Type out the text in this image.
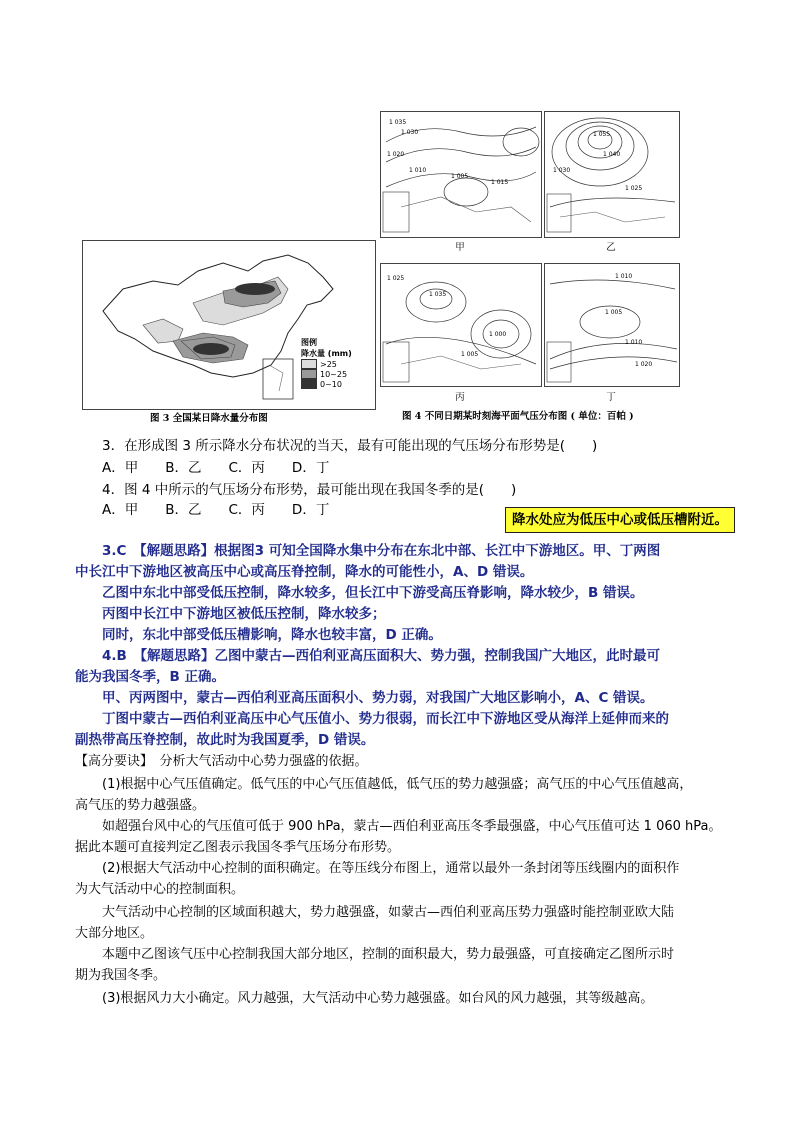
图例
降水量 (mm)
>25
10~25
0~10
图 3 全国某日降水量分布图
1 035
1 030
1 020
1 010
1 005
1 015
1 055
1 040
1 030
1 025
1 025
1 035
1 000
1 005
1 010
1 005
1 010
1 020
甲	乙
丙	丁
图 4 不同日期某时刻海平面气压分布图 ( 单位：百帕 )
3．在形成图 3 所示降水分布状况的当天，最有可能出现的气压场分布形势是(　　)
A．甲　　B．乙　　C．丙　　D．丁
4．图 4 中所示的气压场分布形势，最可能出现在我国冬季的是(　　)
A．甲　　B．乙　　C．丙　　D．丁
降水处应为低压中心或低压槽附近。
3.C　【解题思路】根据图3 可知全国降水集中分布在东北中部、长江中下游地区。甲、丁两图
中长江中下游地区被高压中心或高压脊控制，降水的可能性小，A、D 错误。
乙图中东北中部受低压控制，降水较多，但长江中下游受高压脊影响，降水较少，B 错误。
丙图中长江中下游地区被低压控制，降水较多；
同时，东北中部受低压槽影响，降水也较丰富，D 正确。
4.B　【解题思路】乙图中蒙古—西伯利亚高压面积大、势力强，控制我国广大地区，此时最可
能为我国冬季，B 正确。
甲、丙两图中，蒙古—西伯利亚高压面积小、势力弱，对我国广大地区影响小，A、C 错误。
丁图中蒙古—西伯利亚高压中心气压值小、势力很弱，而长江中下游地区受从海洋上延伸而来的
副热带高压脊控制，故此时为我国夏季，D 错误。
【高分要诀】　分析大气活动中心势力强盛的依据。
(1)根据中心气压值确定。低气压的中心气压值越低，低气压的势力越强盛；高气压的中心气压值越高，
高气压的势力越强盛。
如超强台风中心的气压值可低于 900 hPa，蒙古—西伯利亚高压冬季最强盛，中心气压值可达 1 060 hPa。
据此本题可直接判定乙图表示我国冬季气压场分布形势。
(2)根据大气活动中心控制的面积确定。在等压线分布图上，通常以最外一条封闭等压线圈内的面积作
为大气活动中心的控制面积。
大气活动中心控制的区域面积越大，势力越强盛，如蒙古—西伯利亚高压势力强盛时能控制亚欧大陆
大部分地区。
本题中乙图该气压中心控制我国大部分地区，控制的面积最大，势力最强盛，可直接确定乙图所示时
期为我国冬季。
(3)根据风力大小确定。风力越强，大气活动中心势力越强盛。如台风的风力越强，其等级越高。
